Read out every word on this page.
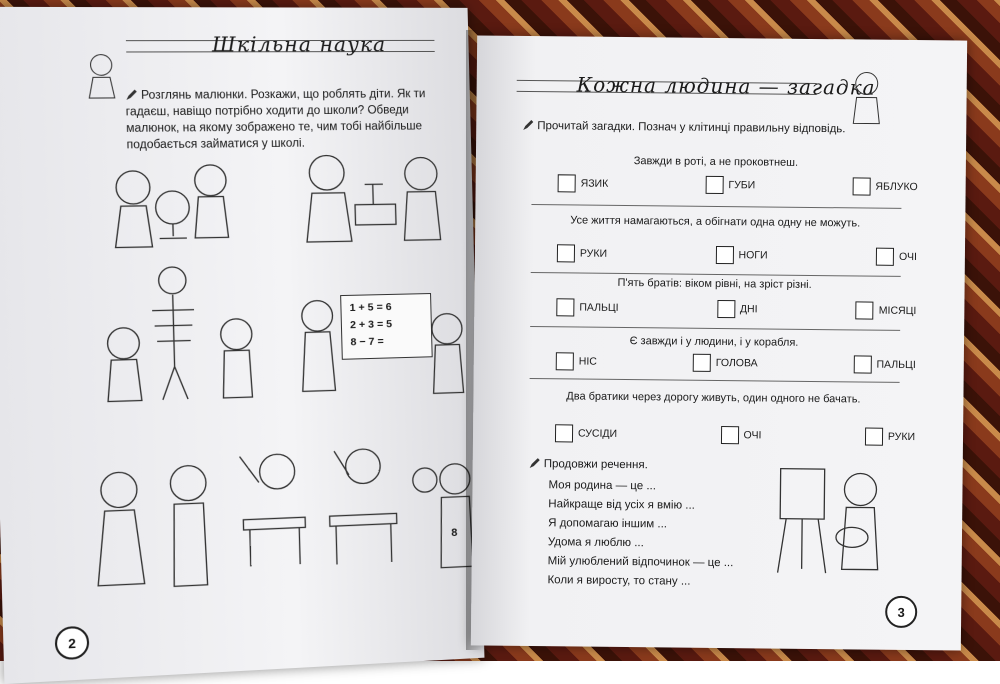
Шкільна наука
Розглянь малюнки. Розкажи, що роблять діти. Як ти гадаєш, навіщо потрібно ходити до школи? Обведи малюнок, на якому зображено те, чим тобі найбільше подобається займатися у школі.
1 + 5 = 6
2 + 3 = 5
8 − 7 =
8
2
Кожна людина — загадка
Прочитай загадки. Познач у клітинці правильну відповідь.
Завжди в роті, а не проковтнеш.
ЯЗИК	ГУБИ	ЯБЛУКО
Усе життя намагаються, а обігнати одна одну не можуть.
РУКИ	НОГИ	ОЧІ
П'ять братів: віком рівні, на зріст різні.
ПАЛЬЦІ	ДНІ	МІСЯЦІ
Є завжди і у людини, і у корабля.
НІС	ГОЛОВА	ПАЛЬЦІ
Два братики через дорогу живуть, один одного не бачать.
СУСІДИ	ОЧІ	РУКИ
Продовжи речення.
Моя родина — це ...
Найкраще від усіх я вмію ...
Я допомагаю іншим ...
Удома я люблю ...
Мій улюблений відпочинок — це ...
Коли я виросту, то стану ...
3
